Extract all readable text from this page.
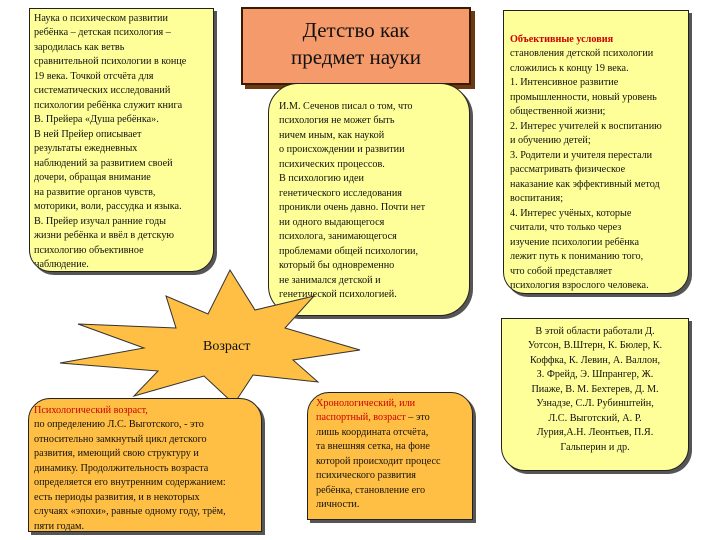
Детство как
предмет науки
Наука о психическом развитии
ребёнка – детская психология –
зародилась как ветвь
сравнительной психологии в конце
19 века. Точкой отсчёта для
систематических исследований
психологии ребёнка служит книга
В. Прейера «Душа ребёнка».
В ней Прейер описывает
результаты ежедневных
наблюдений за развитием своей
дочери, обращая внимание
на развитие органов чувств,
моторики, воли, рассудка и языка.
В. Прейер изучал ранние годы
жизни ребёнка и ввёл в детскую
психологию объективное
наблюдение.
И.М. Сеченов писал о том, что
психология не может быть
ничем иным, как наукой
о происхождении и развитии
психических процессов.
В психологию идеи
генетического исследования
проникли очень давно. Почти нет
ни одного выдающегося
психолога, занимающегося
проблемами общей психологии,
который бы одновременно
не занимался детской и
генетической психологией.
Объективные условия
становления детской психологии
сложились к концу 19 века.
1. Интенсивное развитие
промышленности, новый уровень
общественной жизни;
2. Интерес учителей к воспитанию
и обучению детей;
3. Родители и учителя перестали
рассматривать физическое
наказание как эффективный метод
воспитания;
4. Интерес учёных, которые
считали, что только через
изучение психологии ребёнка
лежит путь к пониманию того,
что собой представляет
психология взрослого человека.
Возраст
В этой области работали Д.
Уотсон, В.Штерн, К. Бюлер, К.
Коффка, К. Левин, А. Валлон,
З. Фрейд, Э. Шпрангер, Ж.
Пиаже, В. М. Бехтерев, Д. М.
Узнадзе, С.Л. Рубинштейн,
Л.С. Выготский, А. Р.
Лурия,А.Н. Леонтьев, П.Я.
Гальперин и др.
Психологический возраст,
по определению Л.С. Выготского, - это
относительно замкнутый цикл детского
развития, имеющий свою структуру и
динамику. Продолжительность возраста
определяется его внутренним содержанием:
есть периоды развития, и в некоторых
случаях «эпохи», равные одному году, трём,
пяти годам.
Хронологический, или
паспортный, возраст – это
лишь координата отсчёта,
та внешняя сетка, на фоне
которой происходит процесс
психического развития
ребёнка, становление его
личности.
